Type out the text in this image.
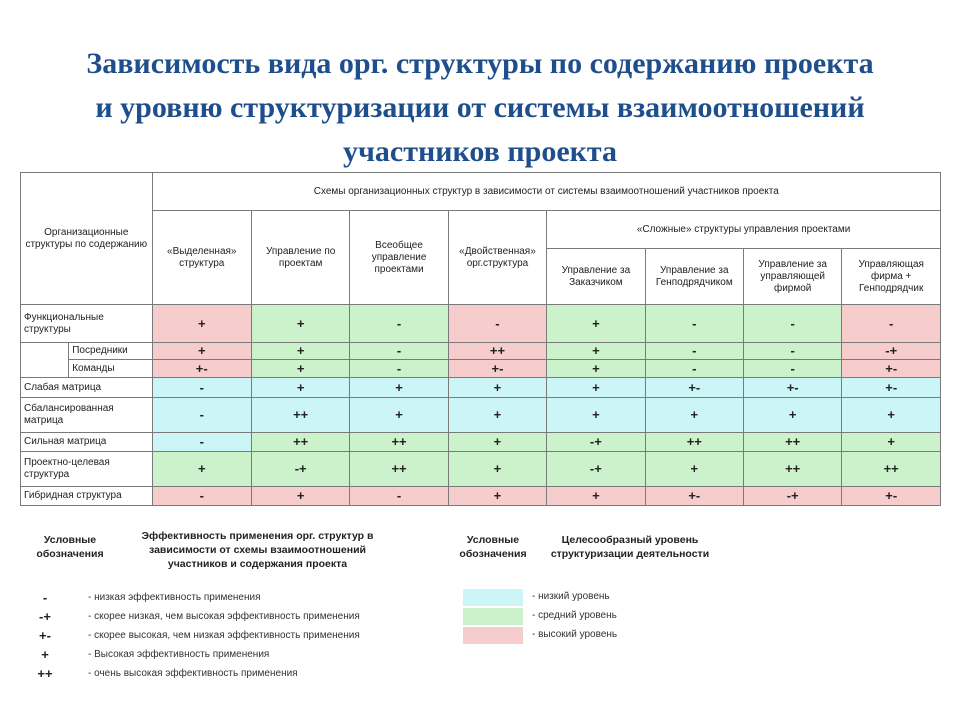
Зависимость вида орг. структуры по содержанию проекта
и уровню структуризации от системы взаимоотношений
участников проекта
Организационные структуры по содержанию		Схемы организационных структур в зависимости от системы взаимоотношений участников проекта							
		«Выделенная» структура	Управление по проектам	Всеобщее управление проектами	«Двойственная» орг.структура	«Сложные» структуры управления проектами			
						Управление за Заказчиком	Управление за Генподрядчиком	Управление за управляющей фирмой	Управляющая фирма + Генподрядчик
Функциональные структуры		+	+	-	-	+	-	-	-
	Посредники	+	+	-	++	+	-	-	-+
	Команды	+-	+	-	+-	+	-	-	+-
Слабая матрица		-	+	+	+	+	+-	+-	+-
Сбалансированная матрица		-	++	+	+	+	+	+	+
Сильная матрица		-	++	++	+	-+	++	++	+
Проектно-целевая структура		+	-+	++	+	-+	+	++	++
Гибридная структура		-	+	-	+	+	+-	-+	+-
Условные обозначения
Эффективность применения орг. структур в зависимости от схемы взаимоотношений участников и содержания проекта
-	- низкая эффективность применения
-+	- скорее низкая, чем высокая эффективность применения
+-	- скорее высокая, чем низкая эффективность применения
+	- Высокая эффективность применения
++	- очень высокая эффективность применения
Условные обозначения
Целесообразный уровень структуризации деятельности
- низкий уровень
- средний уровень
- высокий уровень
